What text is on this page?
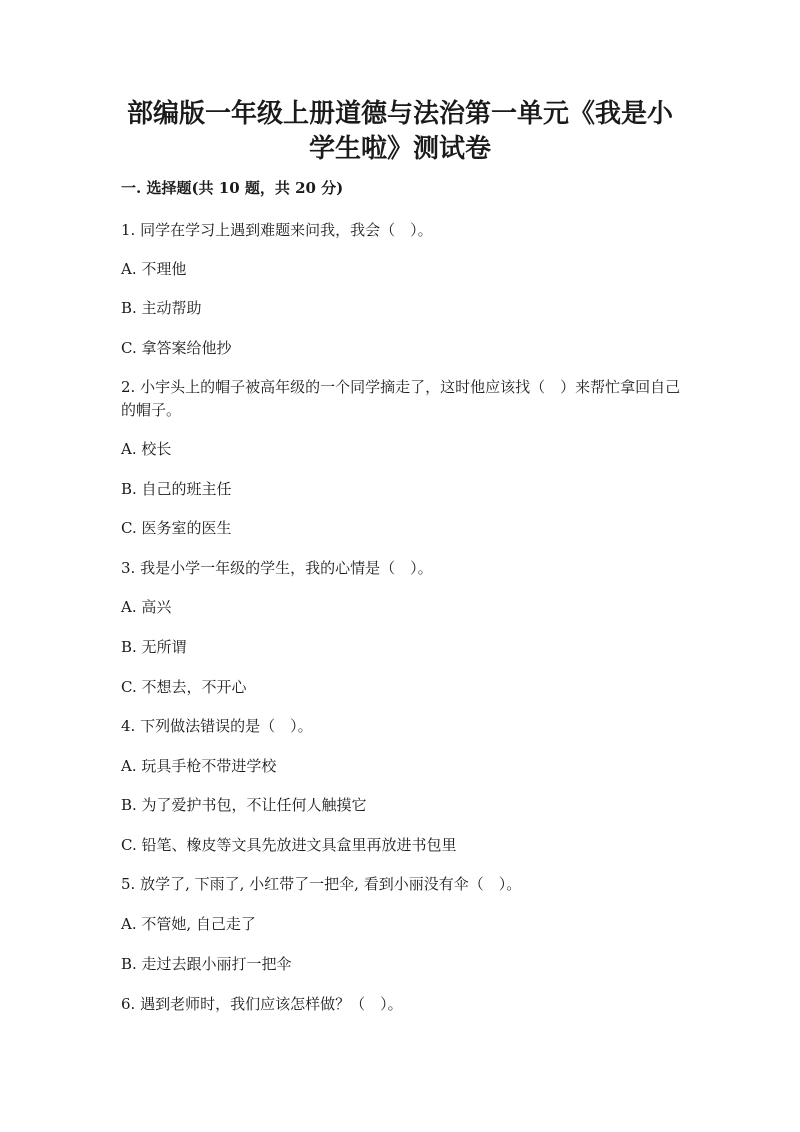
部编版一年级上册道德与法治第一单元《我是小学生啦》测试卷
一. 选择题(共 10 题，共 20 分)
1. 同学在学习上遇到难题来问我，我会（　）。
A. 不理他
B. 主动帮助
C. 拿答案给他抄
2. 小宇头上的帽子被高年级的一个同学摘走了，这时他应该找（　）来帮忙拿回自己的帽子。
A. 校长
B. 自己的班主任
C. 医务室的医生
3. 我是小学一年级的学生，我的心情是（　）。
A. 高兴
B. 无所谓
C. 不想去，不开心
4. 下列做法错误的是（　）。
A. 玩具手枪不带进学校
B. 为了爱护书包，不让任何人触摸它
C. 铅笔、橡皮等文具先放进文具盒里再放进书包里
5. 放学了, 下雨了, 小红带了一把伞, 看到小丽没有伞（　）。
A. 不管她, 自己走了
B. 走过去跟小丽打一把伞
6. 遇到老师时，我们应该怎样做？（　）。
